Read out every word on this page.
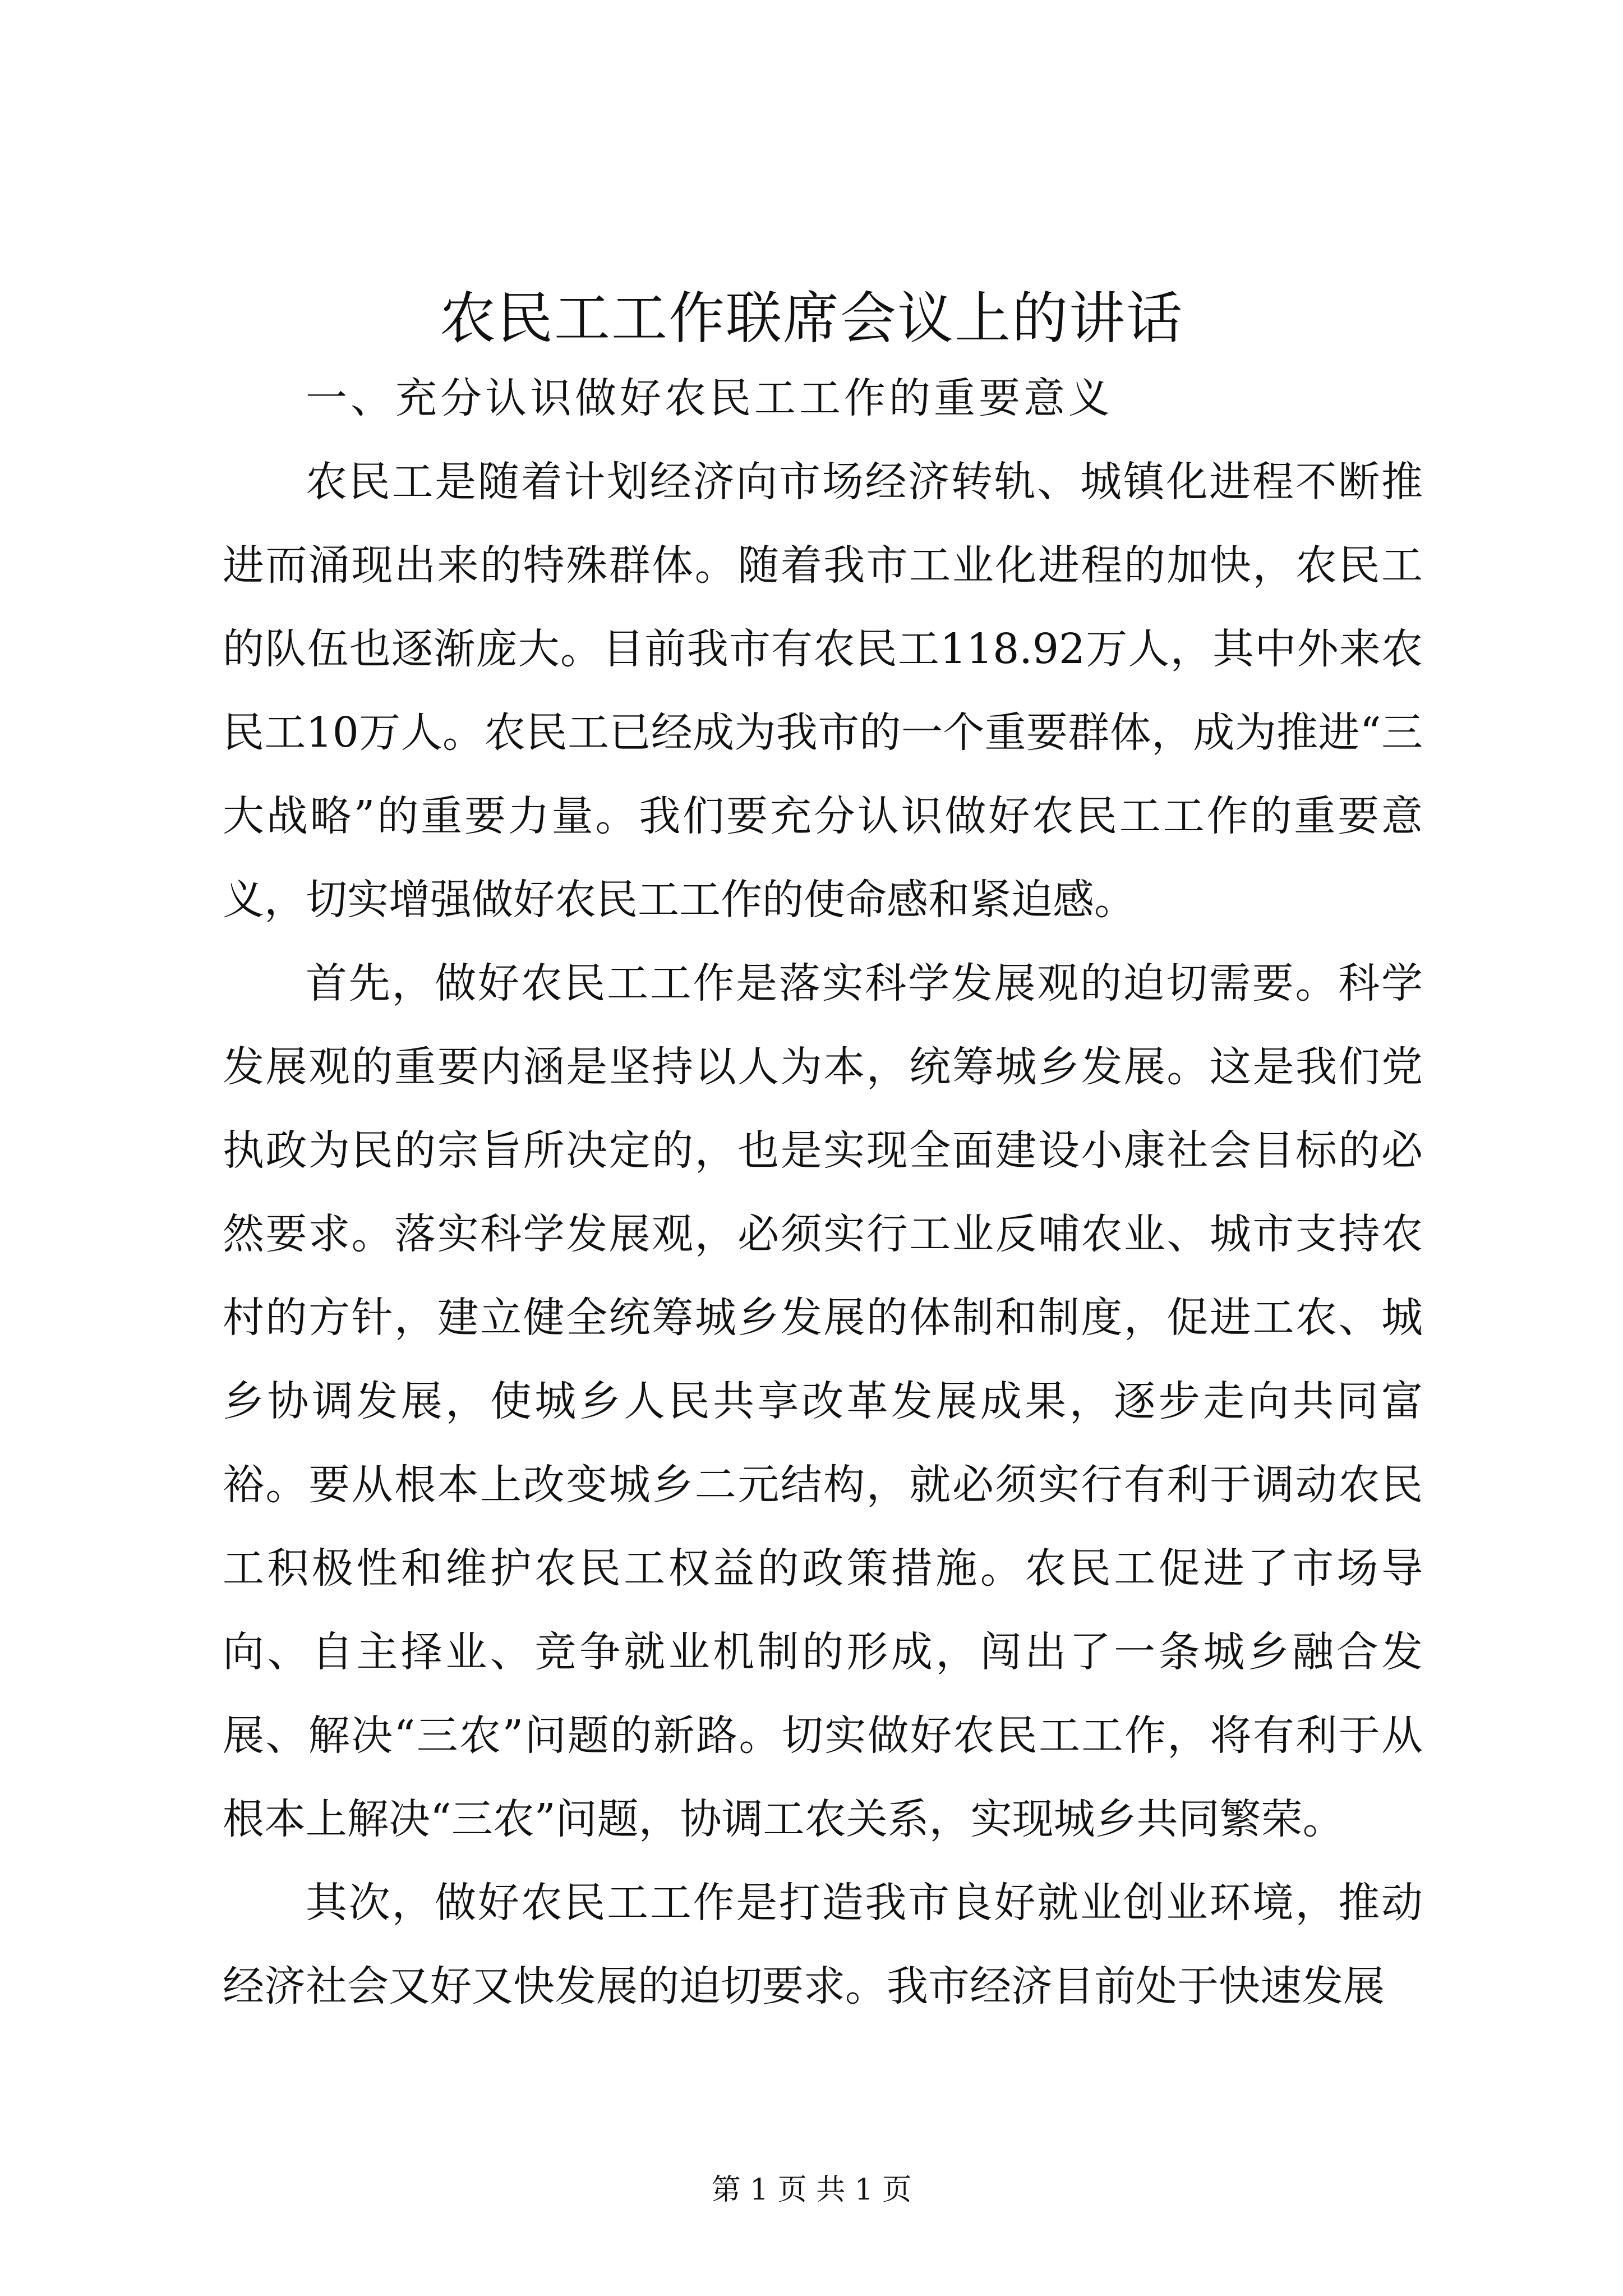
农民工工作联席会议上的讲话

一、充分认识做好农民工工作的重要意义

农民工是随着计划经济向市场经济转轨、城镇化进程不断推进而涌现出来的特殊群体。随着我市工业化进程的加快，农民工的队伍也逐渐庞大。目前我市有农民工118.92万人，其中外来农民工10万人。农民工已经成为我市的一个重要群体，成为推进“三大战略”的重要力量。我们要充分认识做好农民工工作的重要意义，切实增强做好农民工工作的使命感和紧迫感。

首先，做好农民工工作是落实科学发展观的迫切需要。科学发展观的重要内涵是坚持以人为本，统筹城乡发展。这是我们党执政为民的宗旨所决定的，也是实现全面建设小康社会目标的必然要求。落实科学发展观，必须实行工业反哺农业、城市支持农村的方针，建立健全统筹城乡发展的体制和制度，促进工农、城乡协调发展，使城乡人民共享改革发展成果，逐步走向共同富裕。要从根本上改变城乡二元结构，就必须实行有利于调动农民工积极性和维护农民工权益的政策措施。农民工促进了市场导向、自主择业、竞争就业机制的形成，闯出了一条城乡融合发展、解决“三农”问题的新路。切实做好农民工工作，将有利于从根本上解决“三农”问题，协调工农关系，实现城乡共同繁荣。

其次，做好农民工工作是打造我市良好就业创业环境，推动经济社会又好又快发展的迫切要求。我市经济目前处于快速发展

第 1 页 共 1 页
